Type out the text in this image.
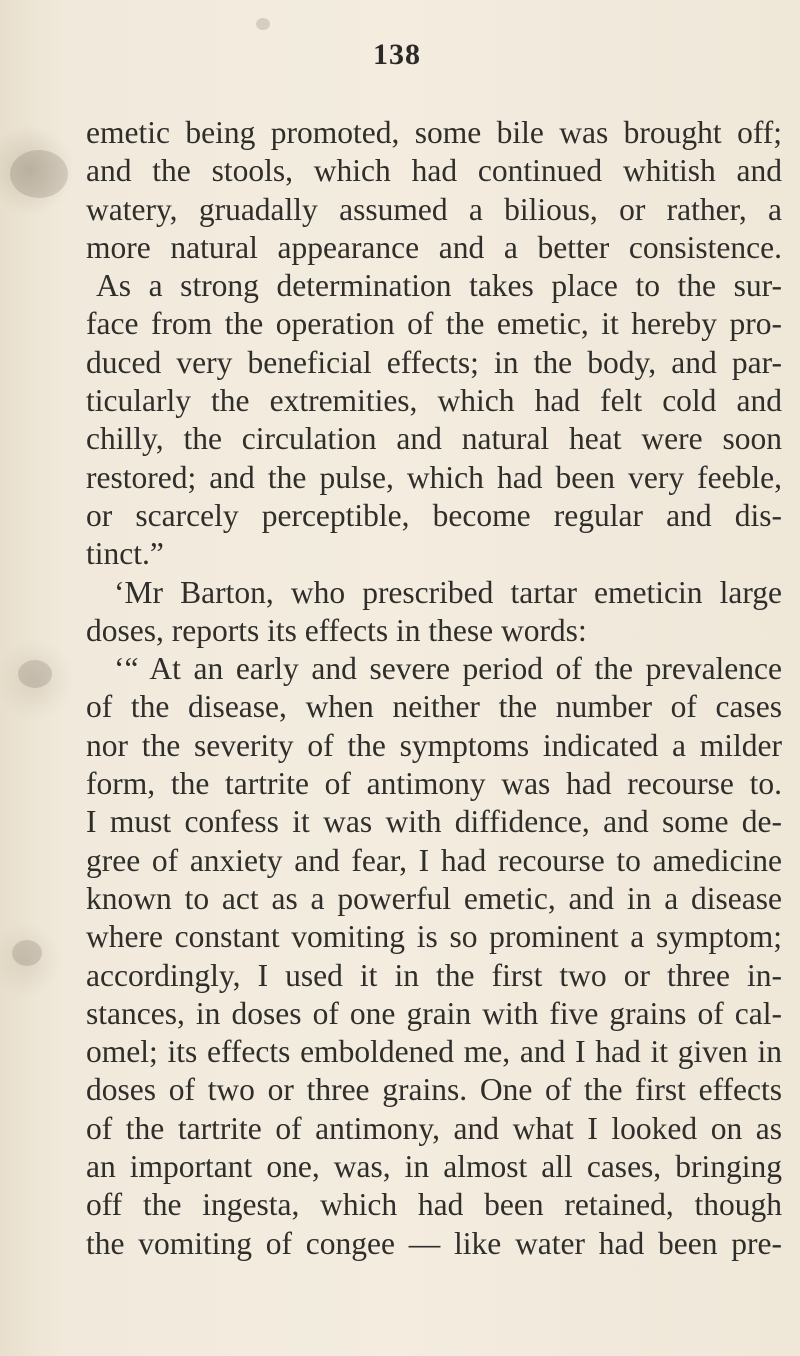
138
emetic being promoted, some bile was brought off;
and the stools, which had continued whitish and
watery, gruadally assumed a bilious, or rather, a
more natural appearance and a better consistence.
As a strong determination takes place to the sur-
face from the operation of the emetic, it hereby pro-
duced very beneficial effects; in the body, and par-
ticularly the extremities, which had felt cold and
chilly, the circulation and natural heat were soon
restored; and the pulse, which had been very feeble,
or scarcely perceptible, become regular and dis-
tinct.”
‘Mr Barton, who prescribed tartar emeticin large
doses, reports its effects in these words:
‘“ At an early and severe period of the prevalence
of the disease, when neither the number of cases
nor the severity of the symptoms indicated a milder
form, the tartrite of antimony was had recourse to.
I must confess it was with diffidence, and some de-
gree of anxiety and fear, I had recourse to amedicine
known to act as a powerful emetic, and in a disease
where constant vomiting is so prominent a symptom;
accordingly, I used it in the first two or three in-
stances, in doses of one grain with five grains of cal-
omel; its effects emboldened me, and I had it given in
doses of two or three grains. One of the first effects
of the tartrite of antimony, and what I looked on as
an important one, was, in almost all cases, bringing
off the ingesta, which had been retained, though
the vomiting of congee — like water had been pre-
